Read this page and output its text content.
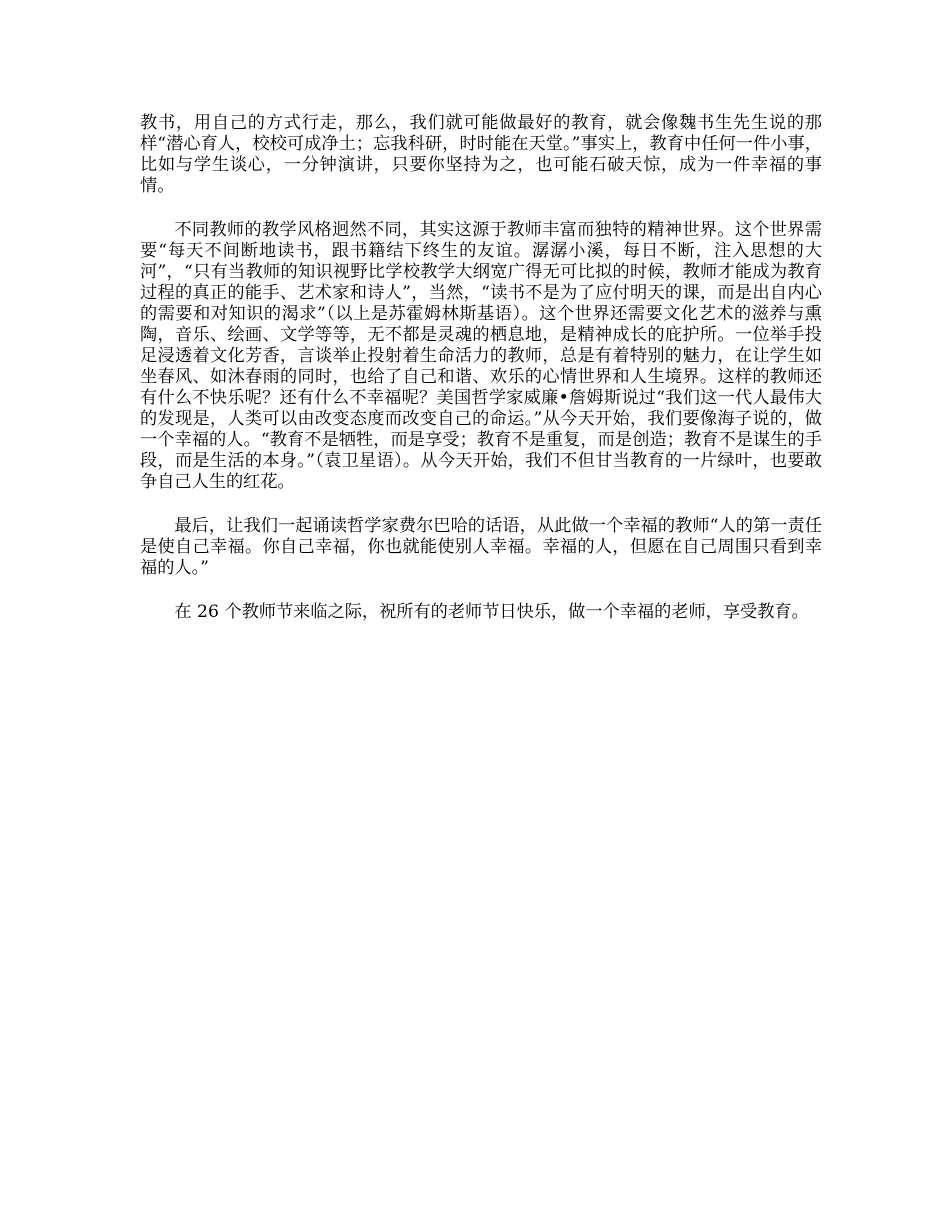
教书，用自己的方式行走，那么，我们就可能做最好的教育，就会像魏书生先生说的那样“潜心育人，校校可成净土；忘我科研，时时能在天堂。”事实上，教育中任何一件小事，比如与学生谈心，一分钟演讲，只要你坚持为之，也可能石破天惊，成为一件幸福的事情。

不同教师的教学风格迥然不同，其实这源于教师丰富而独特的精神世界。这个世界需要“每天不间断地读书，跟书籍结下终生的友谊。潺潺小溪，每日不断，注入思想的大河”，“只有当教师的知识视野比学校教学大纲宽广得无可比拟的时候，教师才能成为教育过程的真正的能手、艺术家和诗人”，当然，“读书不是为了应付明天的课，而是出自内心的需要和对知识的渴求”（以上是苏霍姆林斯基语）。这个世界还需要文化艺术的滋养与熏陶，音乐、绘画、文学等等，无不都是灵魂的栖息地，是精神成长的庇护所。一位举手投足浸透着文化芳香，言谈举止投射着生命活力的教师，总是有着特别的魅力，在让学生如坐春风、如沐春雨的同时，也给了自己和谐、欢乐的心情世界和人生境界。这样的教师还有什么不快乐呢？还有什么不幸福呢？美国哲学家威廉•詹姆斯说过“我们这一代人最伟大的发现是，人类可以由改变态度而改变自己的命运。”从今天开始，我们要像海子说的，做一个幸福的人。“教育不是牺牲，而是享受；教育不是重复，而是创造；教育不是谋生的手段，而是生活的本身。”（袁卫星语）。从今天开始，我们不但甘当教育的一片绿叶，也要敢争自己人生的红花。

最后，让我们一起诵读哲学家费尔巴哈的话语，从此做一个幸福的教师“人的第一责任是使自己幸福。你自己幸福，你也就能使别人幸福。幸福的人，但愿在自己周围只看到幸福的人。”

在 26 个教师节来临之际，祝所有的老师节日快乐，做一个幸福的老师，享受教育。
